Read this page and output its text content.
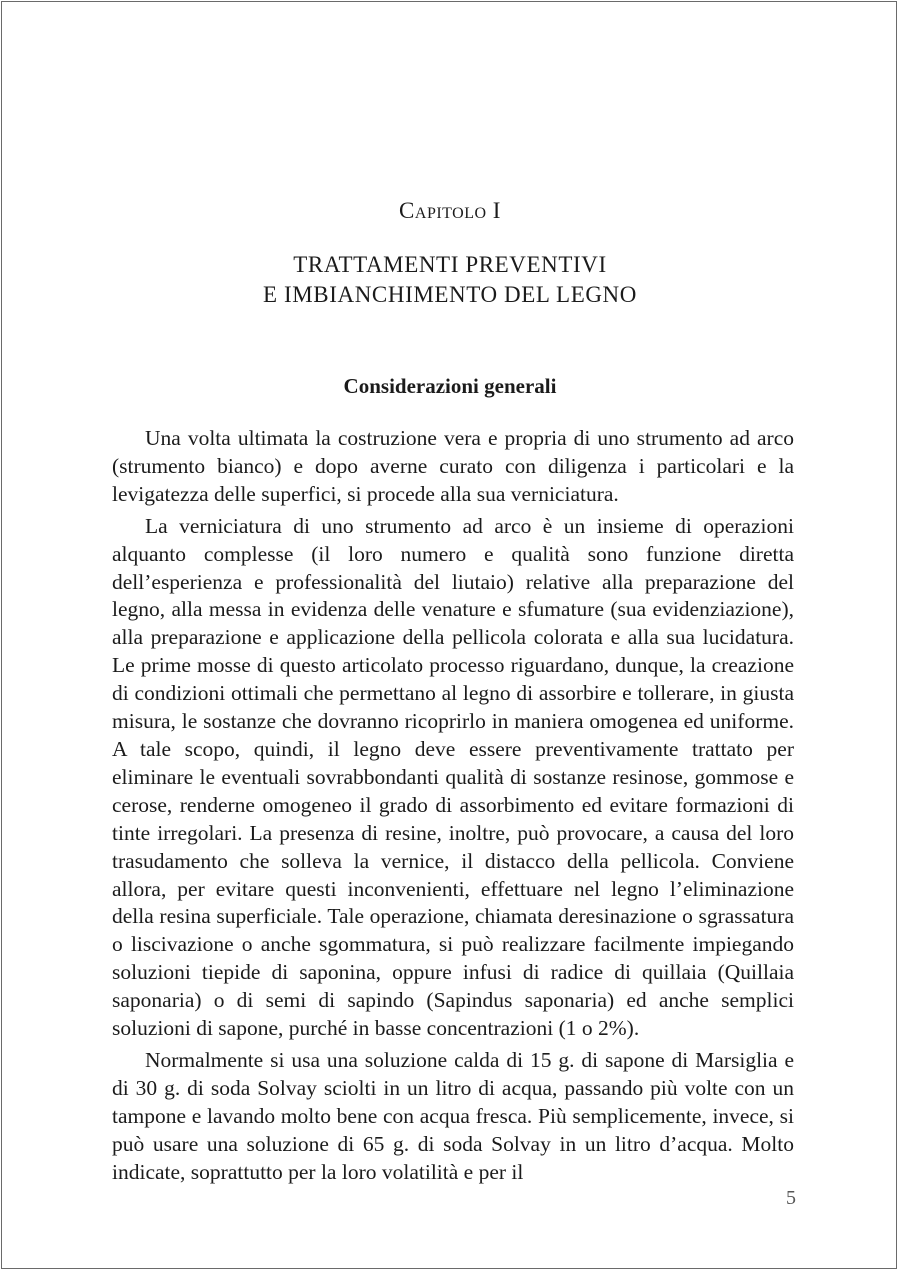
Capitolo I
TRATTAMENTI PREVENTIVI
E IMBIANCHIMENTO DEL LEGNO
Considerazioni generali

Una volta ultimata la costruzione vera e propria di uno strumento ad arco (strumento bianco) e dopo averne curato con diligenza i particolari e la levigatezza delle superfici, si procede alla sua verniciatura.

La verniciatura di uno strumento ad arco è un insieme di operazioni alquanto complesse (il loro numero e qualità sono funzione diretta dell’esperienza e professionalità del liutaio) relative alla preparazione del legno, alla messa in evidenza delle venature e sfumature (sua evidenziazione), alla preparazione e applicazione della pellicola colorata e alla sua lucidatura. Le prime mosse di questo articolato processo riguardano, dunque, la creazione di condizioni ottimali che permettano al legno di assorbire e tollerare, in giusta misura, le sostanze che dovranno ricoprirlo in maniera omogenea ed uniforme. A tale scopo, quindi, il legno deve essere preventivamente trattato per eliminare le eventuali sovrabbondanti qualità di sostanze resinose, gommose e cerose, renderne omogeneo il grado di assorbimento ed evitare formazioni di tinte irregolari. La presenza di resine, inoltre, può provocare, a causa del loro trasudamento che solleva la vernice, il distacco della pellicola. Conviene allora, per evitare questi inconvenienti, effettuare nel legno l’eliminazione della resina superficiale. Tale operazione, chiamata deresinazione o sgrassatura o liscivazione o anche sgommatura, si può realizzare facilmente impiegando soluzioni tiepide di saponina, oppure infusi di radice di quillaia (Quillaia saponaria) o di semi di sapindo (Sapindus saponaria) ed anche semplici soluzioni di sapone, purché in basse concentrazioni (1 o 2%).

Normalmente si usa una soluzione calda di 15 g. di sapone di Marsiglia e di 30 g. di soda Solvay sciolti in un litro di acqua, passando più volte con un tampone e lavando molto bene con acqua fresca. Più semplicemente, invece, si può usare una soluzione di 65 g. di soda Solvay in un litro d’acqua. Molto indicate, soprattutto per la loro volatilità e per il

5
